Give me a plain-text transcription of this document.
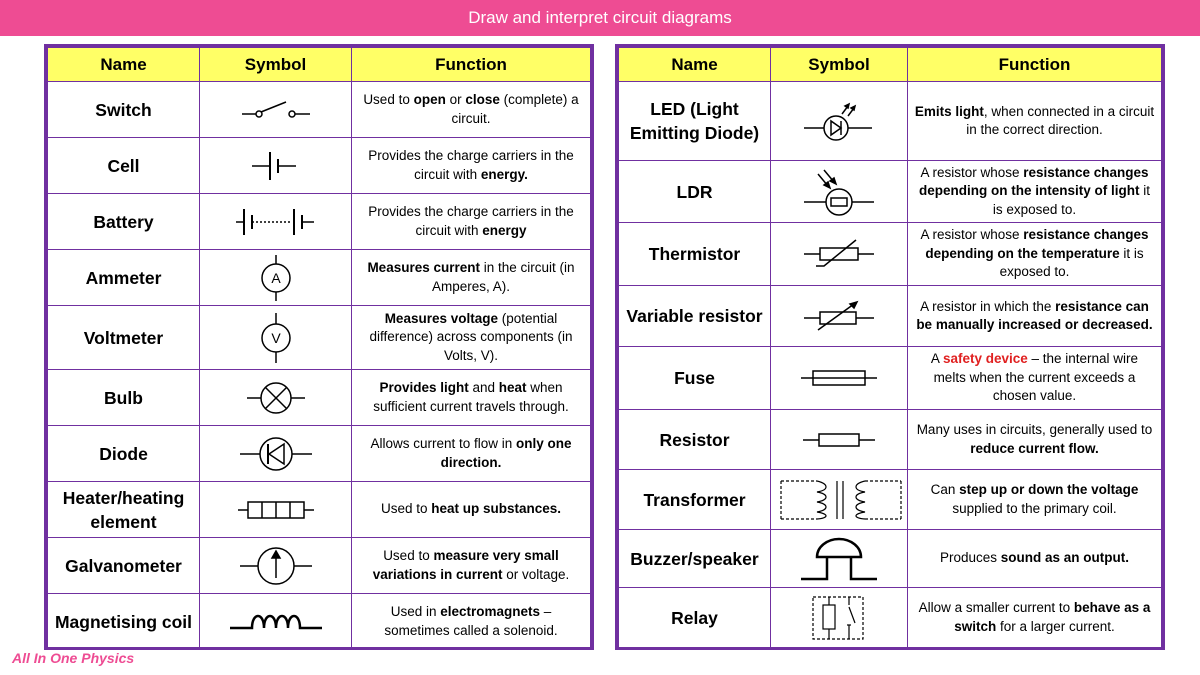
Draw and interpret circuit diagrams
Name	Symbol	Function
Switch		Used to open or close (complete) a circuit.
Cell		Provides the charge carriers in the circuit with energy.
Battery		Provides the charge carriers in the circuit with energy
Ammeter	A	Measures current in the circuit (in Amperes, A).
Voltmeter	V	Measures voltage (potential difference) across components (in Volts, V).
Bulb		Provides light and heat when sufficient current travels through.
Diode		Allows current to flow in only one direction.
Heater/heating element		Used to heat up substances.
Galvanometer		Used to measure very small variations in current or voltage.
Magnetising coil		Used in electromagnets – sometimes called a solenoid.
Name	Symbol	Function
LED (Light Emitting Diode)		Emits light, when connected in a circuit in the correct direction.
LDR		A resistor whose resistance changes depending on the intensity of light it is exposed to.
Thermistor		A resistor whose resistance changes depending on the temperature it is exposed to.
Variable resistor		A resistor in which the resistance can be manually increased or decreased.
Fuse		A safety device – the internal wire melts when the current exceeds a chosen value.
Resistor		Many uses in circuits, generally used to reduce current flow.
Transformer		Can step up or down the voltage supplied to the primary coil.
Buzzer/speaker		Produces sound as an output.
Relay		Allow a smaller current to behave as a switch for a larger current.
All In One Physics
